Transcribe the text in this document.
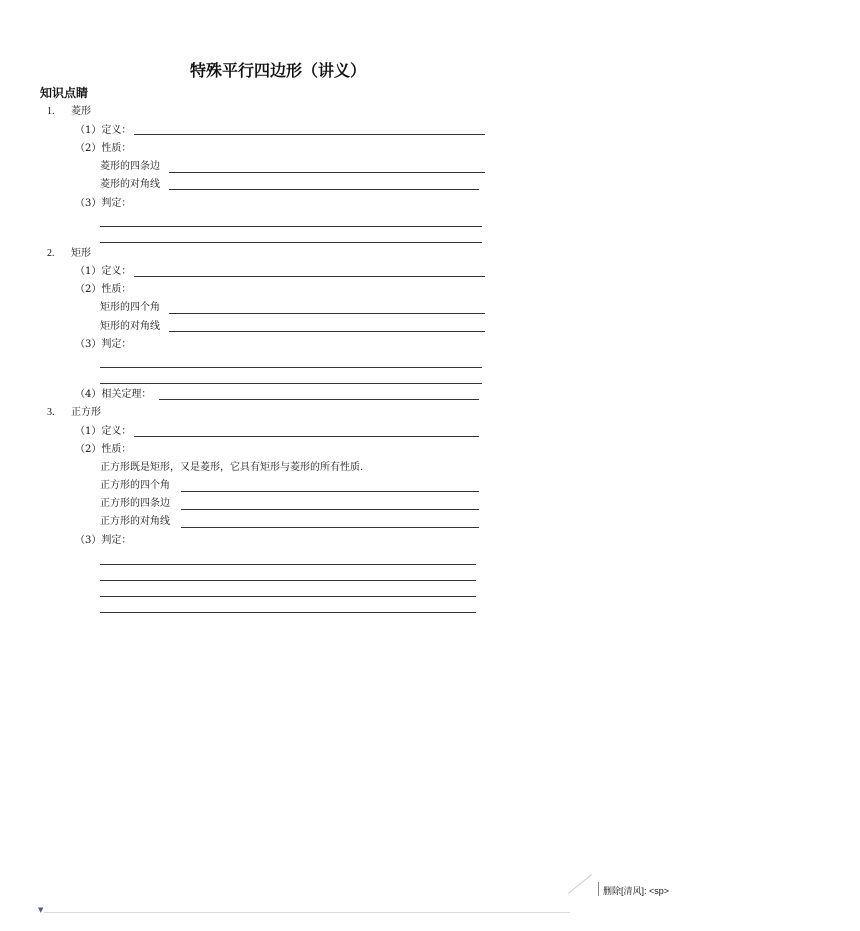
特殊平行四边形（讲义）
知识点睛
1. 菱形
（1）定义：
（2）性质：
菱形的四条边
菱形的对角线
（3）判定：
2. 矩形
（1）定义：
（2）性质：
矩形的四个角
矩形的对角线
（3）判定：
（4）相关定理：
3. 正方形
（1）定义：
（2）性质：
正方形既是矩形，又是菱形，它具有矩形与菱形的所有性质.
正方形的四个角
正方形的四条边
正方形的对角线
（3）判定：
删除[清风]: <sp>
▼
